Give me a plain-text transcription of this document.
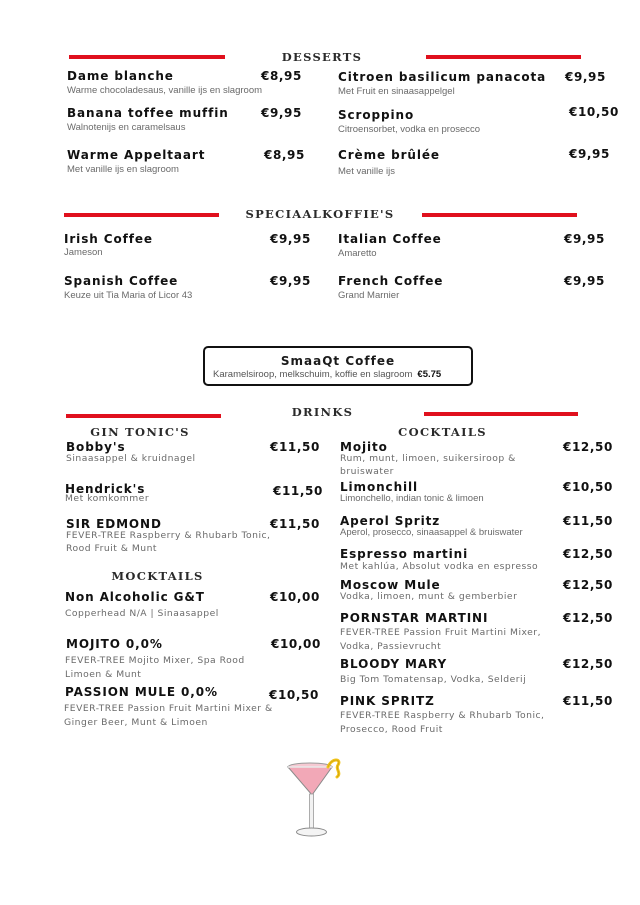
DESSERTS
Dame blanche	€8,95
Warme chocoladesaus, vanille ijs en slagroom
Banana toffee muffin	€9,95
Walnotenijs en caramelsaus
Warme Appeltaart	€8,95
Met vanille ijs en slagroom
Citroen basilicum panacota €9,95
Met Fruit en sinaasappelgel
Scroppino	€10,50
Citroensorbet, vodka en prosecco
Crème brûlée	€9,95
Met vanille ijs
SPECIAALKOFFIE'S
Irish Coffee	€9,95
Jameson
Spanish Coffee	€9,95
Keuze uit Tia Maria of Licor 43
Italian Coffee	€9,95
Amaretto
French Coffee	€9,95
Grand Marnier
SmaaQt Coffee
Karamelsiroop, melkschuim, koffie en slagroom €5.75
DRINKS
GIN TONIC'S	COCKTAILS
Bobby's	€11,50
Sinaasappel & kruidnagel
Hendrick's	€11,50
Met komkommer
SIR EDMOND	€11,50
FEVER-TREE Raspberry & Rhubarb Tonic,
Rood Fruit & Munt
MOCKTAILS
Non Alcoholic G&T	€10,00
Copperhead N/A | Sinaasappel
MOJITO 0,0%	€10,00
FEVER-TREE Mojito Mixer, Spa Rood
Limoen & Munt
PASSION MULE 0,0%	€10,50
FEVER-TREE Passion Fruit Martini Mixer &
Ginger Beer, Munt & Limoen
Mojito	€12,50
Rum, munt, limoen, suikersiroop &
bruiswater
Limonchill	€10,50
Limonchello, indian tonic & limoen
Aperol Spritz	€11,50
Aperol, prosecco, sinaasappel & bruiswater
Espresso martini	€12,50
Met kahlúa, Absolut vodka en espresso
Moscow Mule	€12,50
Vodka, limoen, munt & gemberbier
PORNSTAR MARTINI	€12,50
FEVER-TREE Passion Fruit Martini Mixer,
Vodka, Passievrucht
BLOODY MARY	€12,50
Big Tom Tomatensap, Vodka, Selderij
PINK SPRITZ	€11,50
FEVER-TREE Raspberry & Rhubarb Tonic,
Prosecco, Rood Fruit
